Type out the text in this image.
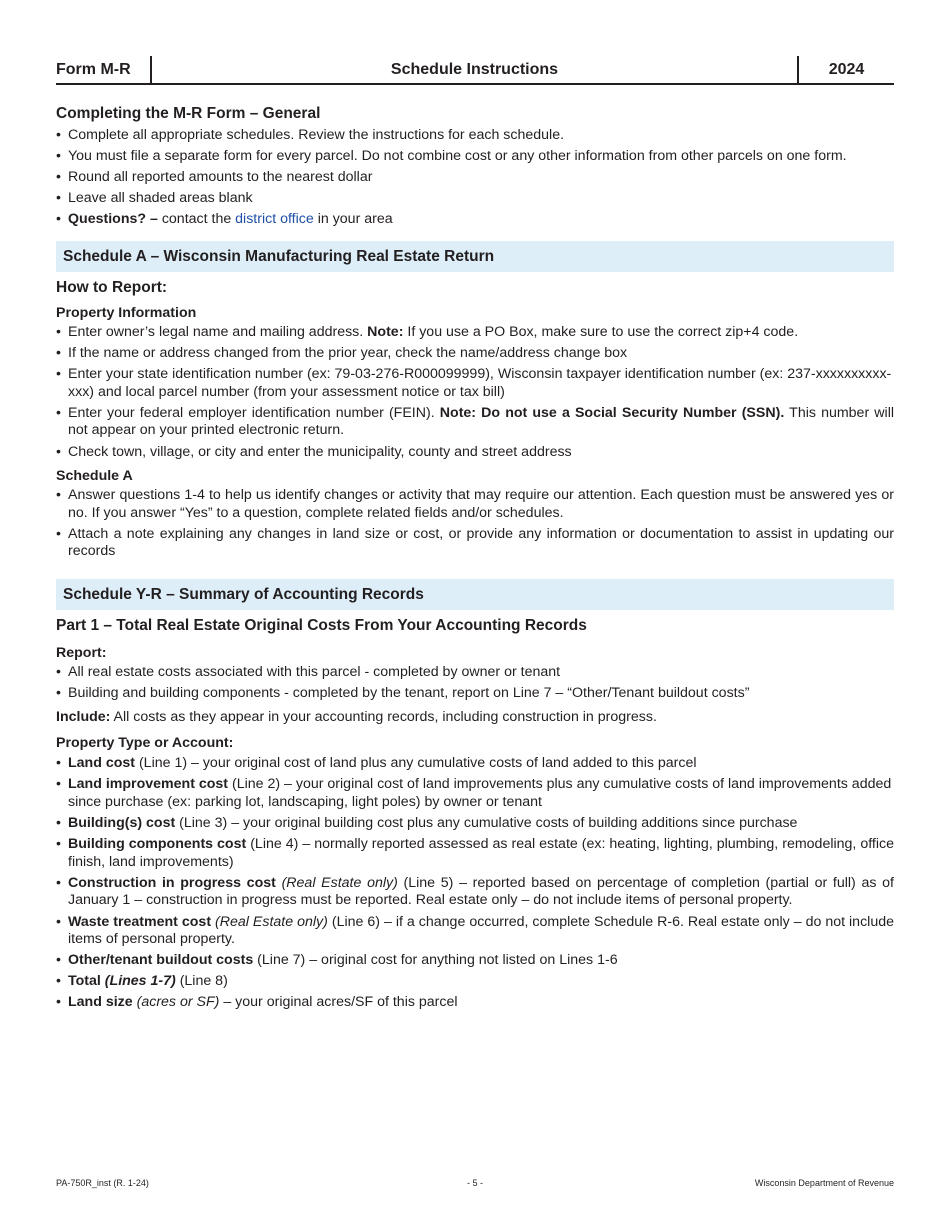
Form M-R	Schedule Instructions	2024
Completing the M-R Form – General
• Complete all appropriate schedules. Review the instructions for each schedule.
• You must file a separate form for every parcel. Do not combine cost or any other information from other parcels on one form.
• Round all reported amounts to the nearest dollar
• Leave all shaded areas blank
• Questions? – contact the district office in your area
Schedule A – Wisconsin Manufacturing Real Estate Return
How to Report:

Property Information

• Enter owner’s legal name and mailing address. Note: If you use a PO Box, make sure to use the correct zip+4 code.
• If the name or address changed from the prior year, check the name/address change box
• Enter your state identification number (ex: 79-03-276-R000099999), Wisconsin taxpayer identification number (ex: 237-xxxxxxxxxx-xxx) and local parcel number (from your assessment notice or tax bill)
• Enter your federal employer identification number (FEIN). Note: Do not use a Social Security Number (SSN). This number will not appear on your printed electronic return.
• Check town, village, or city and enter the municipality, county and street address

Schedule A

• Answer questions 1-4 to help us identify changes or activity that may require our attention. Each question must be answered yes or no. If you answer “Yes” to a question, complete related fields and/or schedules.
• Attach a note explaining any changes in land size or cost, or provide any information or documentation to assist in updating our records
Schedule Y-R – Summary of Accounting Records
Part 1 – Total Real Estate Original Costs From Your Accounting Records

Report:

• All real estate costs associated with this parcel - completed by owner or tenant
• Building and building components - completed by the tenant, report on Line 7 – “Other/Tenant buildout costs”

Include: All costs as they appear in your accounting records, including construction in progress.

Property Type or Account:

• Land cost (Line 1) – your original cost of land plus any cumulative costs of land added to this parcel
• Land improvement cost (Line 2) – your original cost of land improvements plus any cumulative costs of land improvements added since purchase (ex: parking lot, landscaping, light poles) by owner or tenant
• Building(s) cost (Line 3) – your original building cost plus any cumulative costs of building additions since purchase
• Building components cost (Line 4) – normally reported assessed as real estate (ex: heating, lighting, plumbing, remodeling, office finish, land improvements)
• Construction in progress cost (Real Estate only) (Line 5) – reported based on percentage of completion (partial or full) as of January 1 – construction in progress must be reported. Real estate only – do not include items of personal property.
• Waste treatment cost (Real Estate only) (Line 6) – if a change occurred, complete Schedule R-6. Real estate only – do not include items of personal property.
• Other/tenant buildout costs (Line 7) – original cost for anything not listed on Lines 1-6
• Total (Lines 1-7) (Line 8)
• Land size (acres or SF) – your original acres/SF of this parcel
PA-750R_inst (R. 1-24)	- 5 -	Wisconsin Department of Revenue
